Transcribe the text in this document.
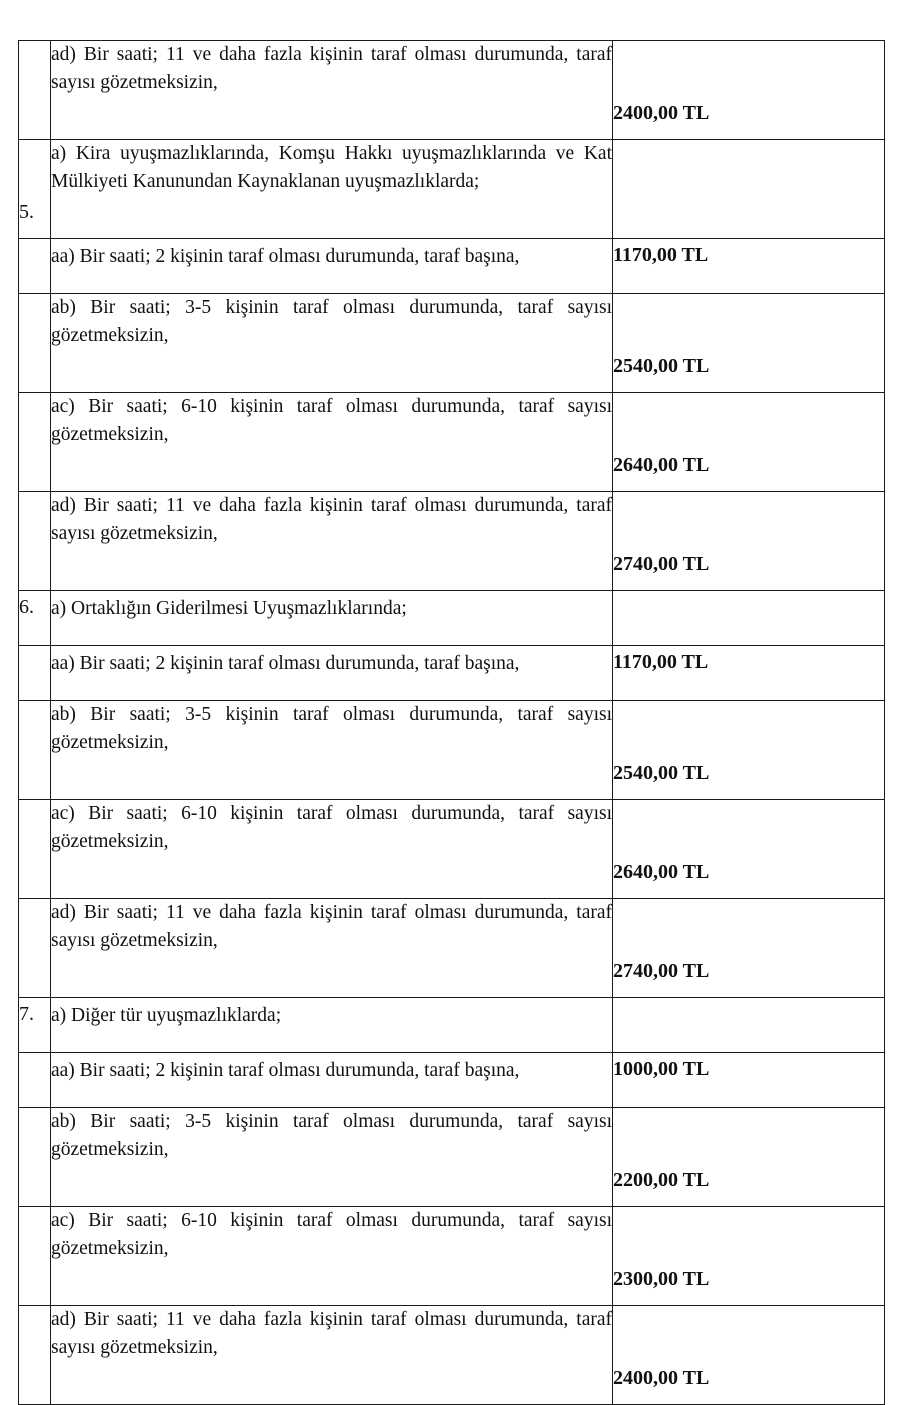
	ad) Bir saati; 11 ve daha fazla kişinin taraf olması durumunda, taraf sayısı gözetmeksizin,	2400,00 TL
5.	a) Kira uyuşmazlıklarında, Komşu Hakkı uyuşmazlıklarında ve Kat Mülkiyeti Kanunundan Kaynaklanan uyuşmazlıklarda;	
	aa) Bir saati; 2 kişinin taraf olması durumunda, taraf başına,	1170,00 TL
	ab) Bir saati; 3-5 kişinin taraf olması durumunda, taraf sayısı gözetmeksizin,	2540,00 TL
	ac) Bir saati; 6-10 kişinin taraf olması durumunda, taraf sayısı gözetmeksizin,	2640,00 TL
	ad) Bir saati; 11 ve daha fazla kişinin taraf olması durumunda, taraf sayısı gözetmeksizin,	2740,00 TL
6.	a) Ortaklığın Giderilmesi Uyuşmazlıklarında;	
	aa) Bir saati; 2 kişinin taraf olması durumunda, taraf başına,	1170,00 TL
	ab) Bir saati; 3-5 kişinin taraf olması durumunda, taraf sayısı gözetmeksizin,	2540,00 TL
	ac) Bir saati; 6-10 kişinin taraf olması durumunda, taraf sayısı gözetmeksizin,	2640,00 TL
	ad) Bir saati; 11 ve daha fazla kişinin taraf olması durumunda, taraf sayısı gözetmeksizin,	2740,00 TL
7.	a) Diğer tür uyuşmazlıklarda;	
	aa) Bir saati; 2 kişinin taraf olması durumunda, taraf başına,	1000,00 TL
	ab) Bir saati; 3-5 kişinin taraf olması durumunda, taraf sayısı gözetmeksizin,	2200,00 TL
	ac) Bir saati; 6-10 kişinin taraf olması durumunda, taraf sayısı gözetmeksizin,	2300,00 TL
	ad) Bir saati; 11 ve daha fazla kişinin taraf olması durumunda, taraf sayısı gözetmeksizin,	2400,00 TL
